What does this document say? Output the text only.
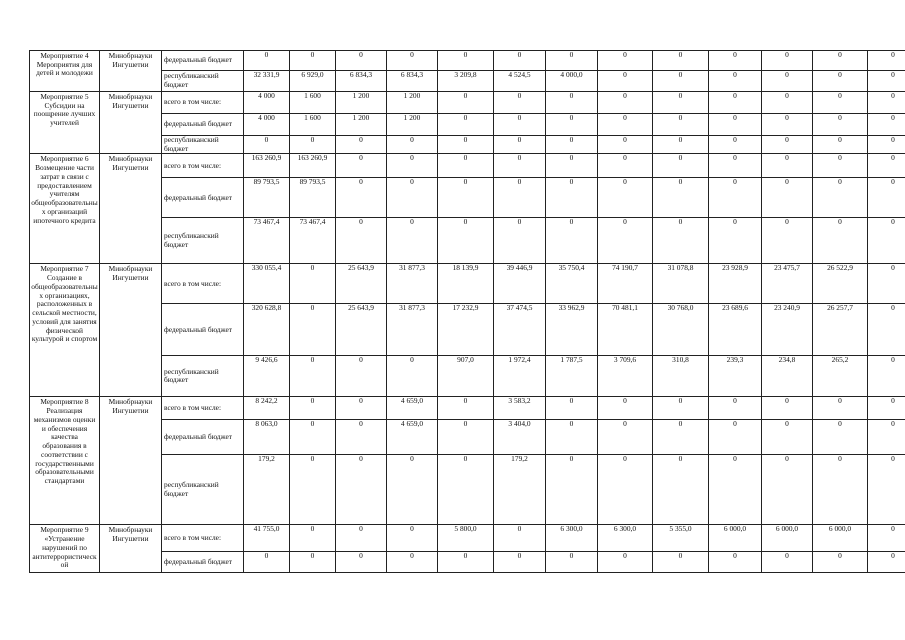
Мероприятие 4 Мероприятия для детей и молодежи	Минобрнауки Ингушетии	федеральный бюджет	0	0	0	0	0	0	0	0	0	0	0	0	0
		республиканский бюджет	32 331,9	6 929,0	6 834,3	6 834,3	3 209,8	4 524,5	4 000,0	0	0	0	0	0	0
Мероприятие 5 Субсидии на поощрение лучших учителей	Минобрнауки Ингушетии	всего в том числе:	4 000	1 600	1 200	1 200	0	0	0	0	0	0	0	0	0
		федеральный бюджет	4 000	1 600	1 200	1 200	0	0	0	0	0	0	0	0	0
		республиканский бюджет	0	0	0	0	0	0	0	0	0	0	0	0	0
Мероприятие 6 Возмещение части затрат в связи с предоставлением учителям общеобразовательных организаций ипотечного кредита	Минобрнауки Ингушетии	всего в том числе:	163 260,9	163 260,9	0	0	0	0	0	0	0	0	0	0	0
		федеральный бюджет	89 793,5	89 793,5	0	0	0	0	0	0	0	0	0	0	0
		республиканский бюджет	73 467,4	73 467,4	0	0	0	0	0	0	0	0	0	0	0
Мероприятие 7 Создание в общеобразовательных организациях, расположенных в сельской местности, условий для занятия физической культурой и спортом	Минобрнауки Ингушетии	всего в том числе:	330 055,4	0	25 643,9	31 877,3	18 139,9	39 446,9	35 750,4	74 190,7	31 078,8	23 928,9	23 475,7	26 522,9	0
		федеральный бюджет	320 628,8	0	25 643,9	31 877,3	17 232,9	37 474,5	33 962,9	70 481,1	30 768,0	23 689,6	23 240,9	26 257,7	0
		республиканский бюджет	9 426,6	0	0	0	907,0	1 972,4	1 787,5	3 709,6	310,8	239,3	234,8	265,2	0
Мероприятие 8 Реализация механизмов оценки и обеспечения качества образования в соответствии с государственными образовательными стандартами	Минобрнауки Ингушетии	всего в том числе:	8 242,2	0	0	4 659,0	0	3 583,2	0	0	0	0	0	0	0
		федеральный бюджет	8 063,0	0	0	4 659,0	0	3 404,0	0	0	0	0	0	0	0
		республиканский бюджет	179,2	0	0	0	0	179,2	0	0	0	0	0	0	0
Мероприятие 9 «Устранение нарушений по антитеррористической	Минобрнауки Ингушетии	всего в том числе:	41 755,0	0	0	0	5 800,0	0	6 300,0	6 300,0	5 355,0	6 000,0	6 000,0	6 000,0	0
		федеральный бюджет	0	0	0	0	0	0	0	0	0	0	0	0	0
